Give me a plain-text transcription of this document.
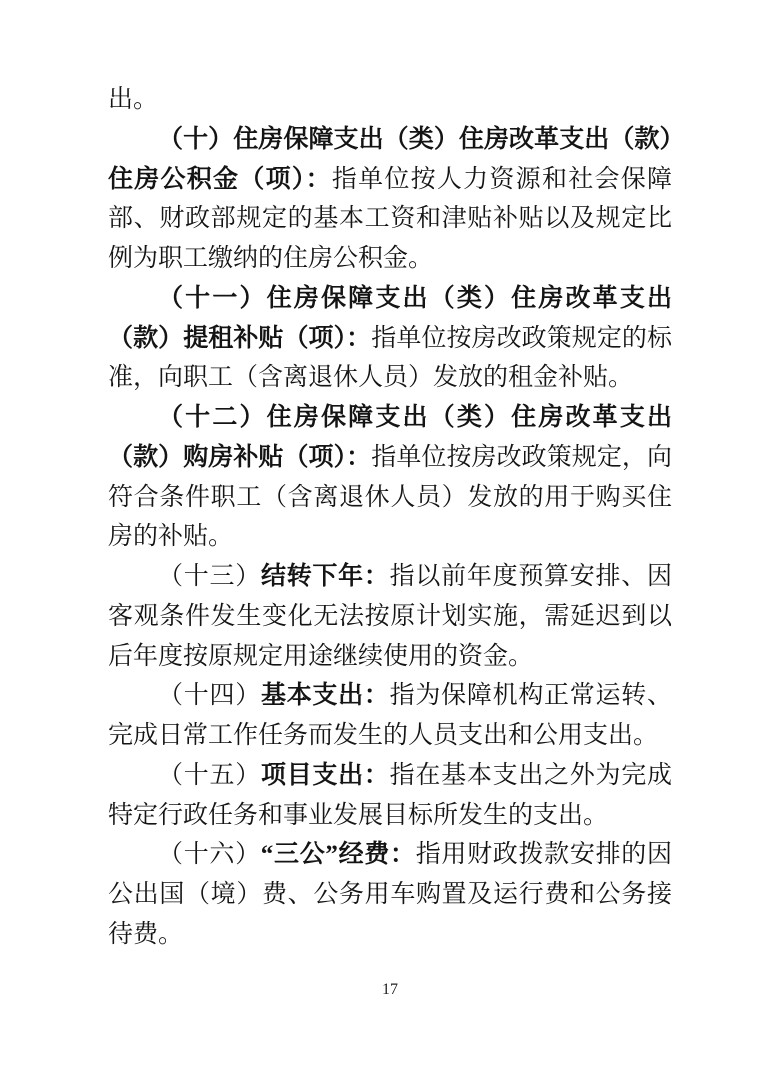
出。

（十）住房保障支出（类）住房改革支出（款）住房公积金（项）：指单位按人力资源和社会保障部、财政部规定的基本工资和津贴补贴以及规定比例为职工缴纳的住房公积金。

（十一）住房保障支出（类）住房改革支出（款）提租补贴（项）：指单位按房改政策规定的标准，向职工（含离退休人员）发放的租金补贴。

（十二）住房保障支出（类）住房改革支出（款）购房补贴（项）：指单位按房改政策规定，向符合条件职工（含离退休人员）发放的用于购买住房的补贴。

（十三）结转下年：指以前年度预算安排、因客观条件发生变化无法按原计划实施，需延迟到以后年度按原规定用途继续使用的资金。

（十四）基本支出：指为保障机构正常运转、完成日常工作任务而发生的人员支出和公用支出。

（十五）项目支出：指在基本支出之外为完成特定行政任务和事业发展目标所发生的支出。

（十六）“三公”经费：指用财政拨款安排的因公出国（境）费、公务用车购置及运行费和公务接待费。

17
